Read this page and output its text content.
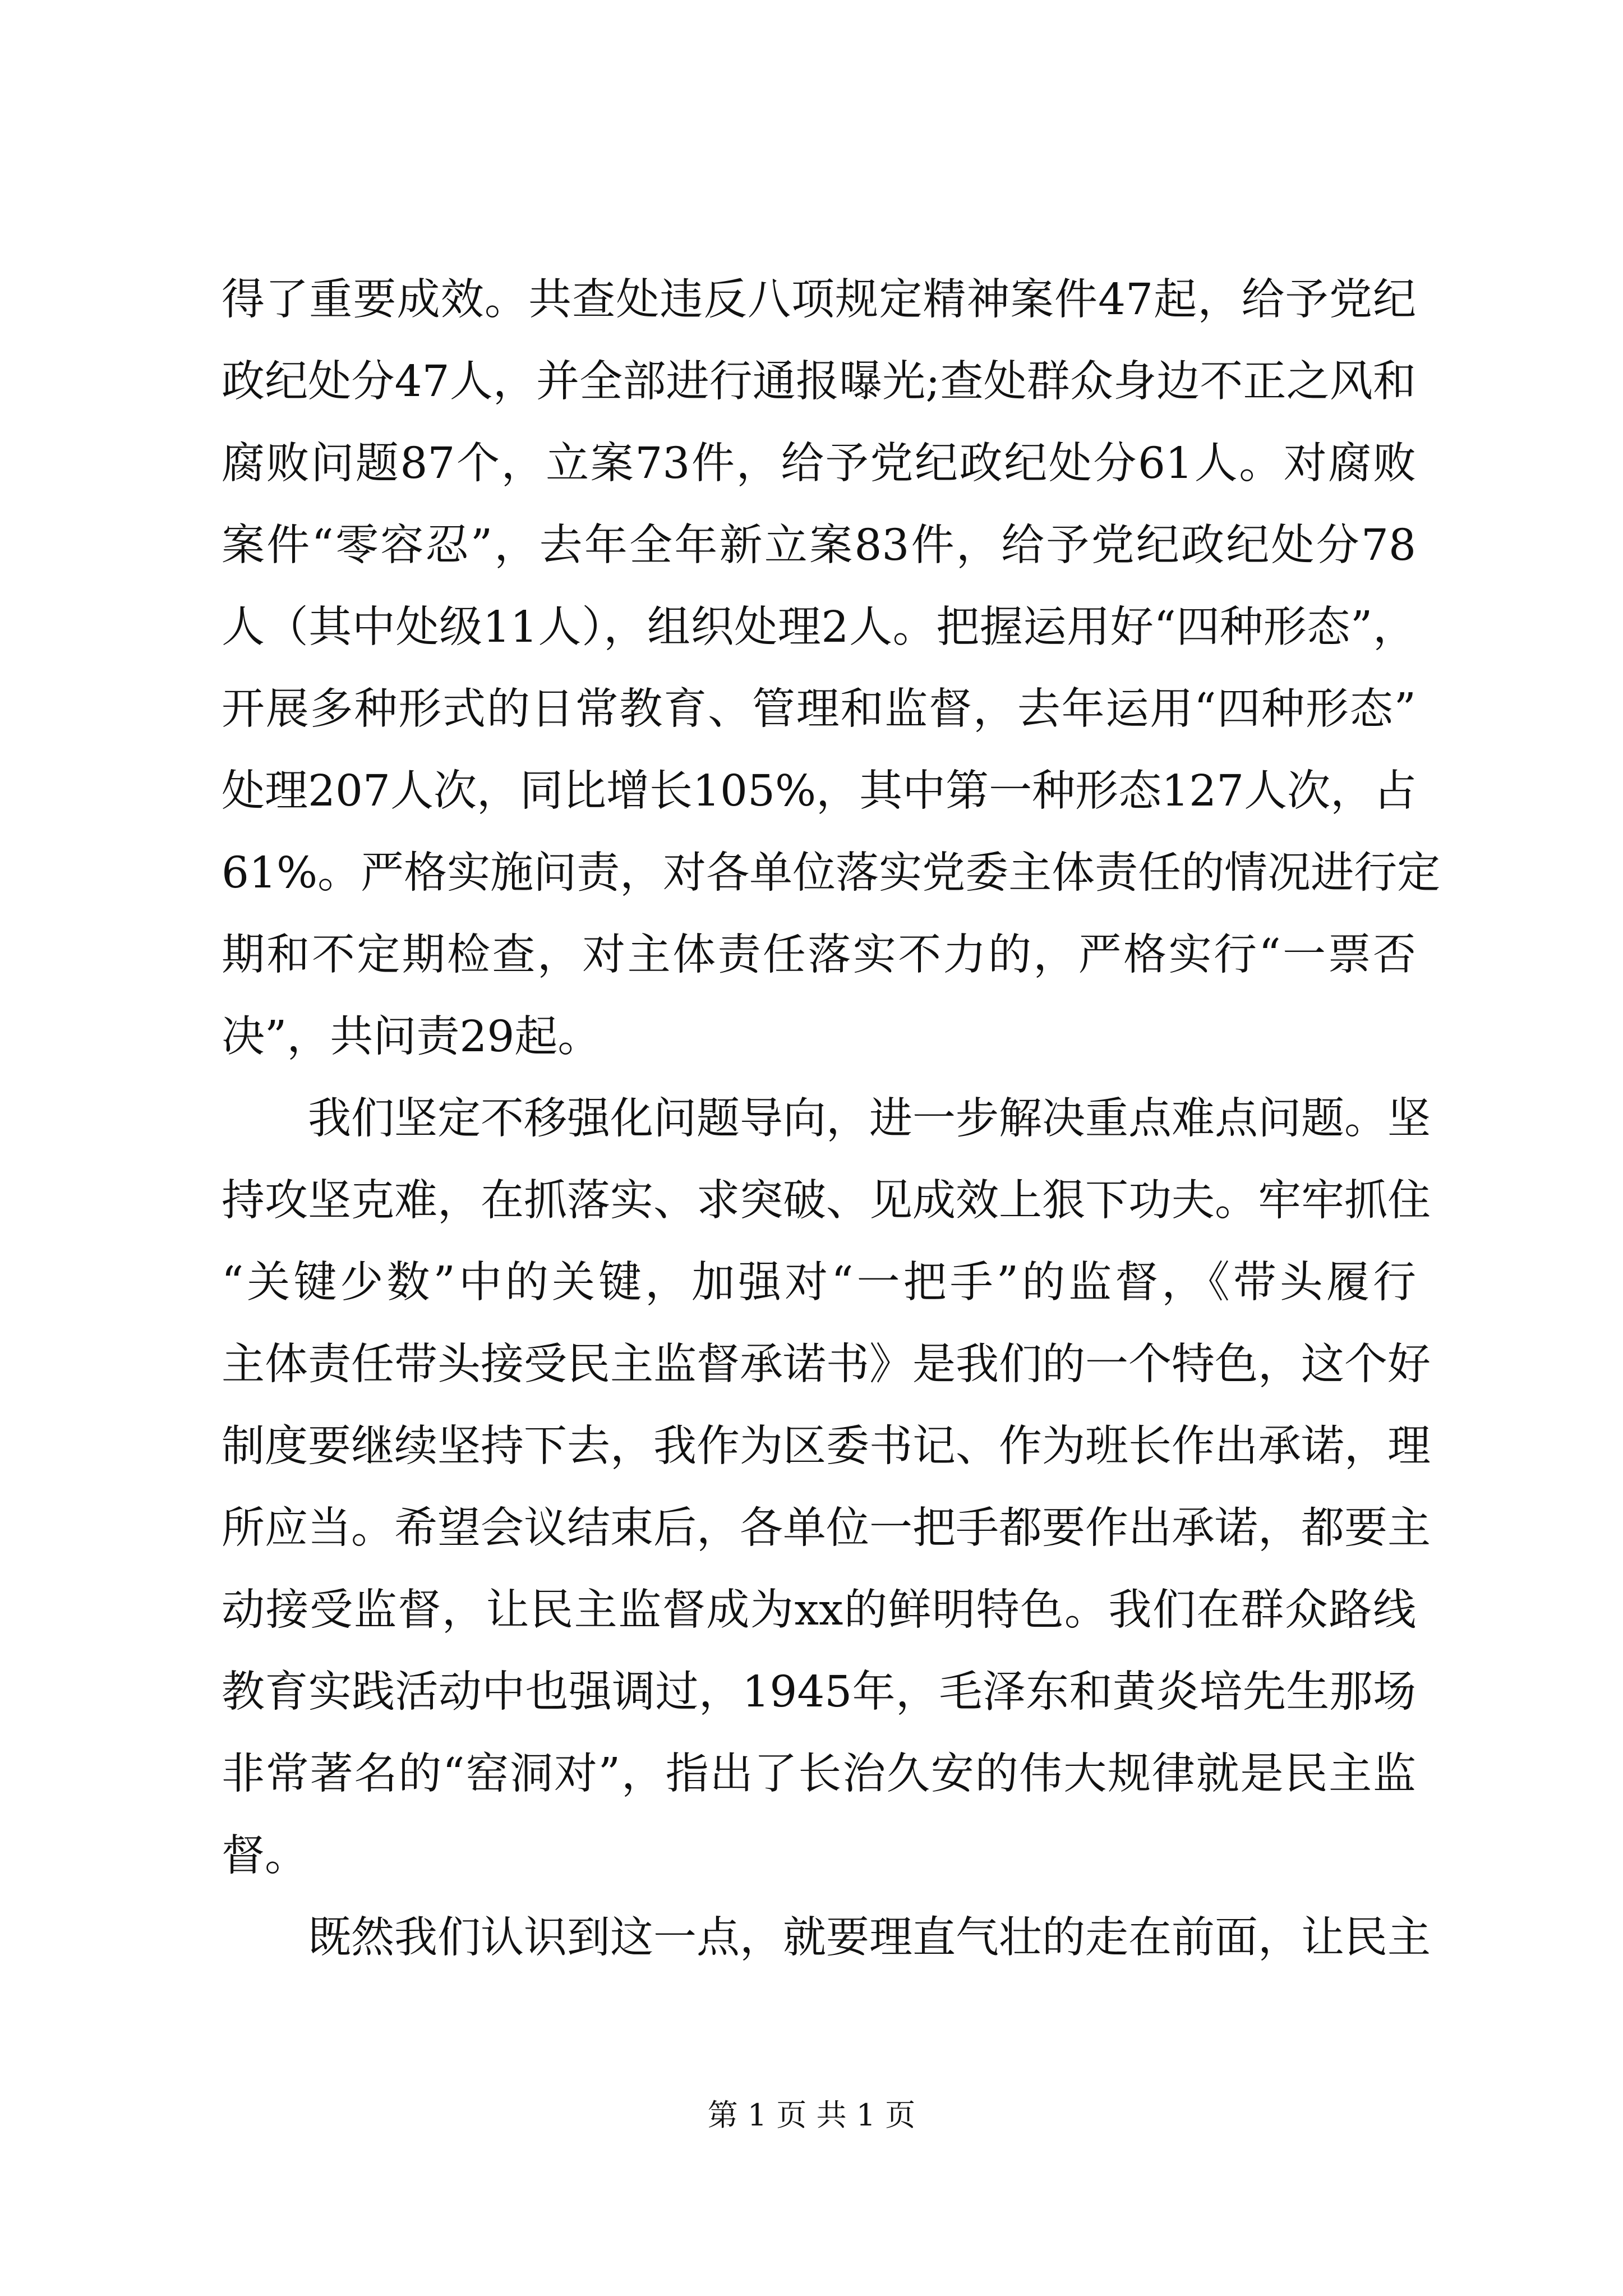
得了重要成效。共查处违反八项规定精神案件47起，给予党纪
政纪处分47人，并全部进行通报曝光;查处群众身边不正之风和
腐败问题87个，立案73件，给予党纪政纪处分61人。对腐败
案件“零容忍”，去年全年新立案83件，给予党纪政纪处分78
人（其中处级11人），组织处理2人。把握运用好“四种形态”，
开展多种形式的日常教育、管理和监督，去年运用“四种形态”
处理207人次，同比增长105%，其中第一种形态127人次，占
61%。严格实施问责，对各单位落实党委主体责任的情况进行定
期和不定期检查，对主体责任落实不力的，严格实行“一票否
决”，共问责29起。
我们坚定不移强化问题导向，进一步解决重点难点问题。坚
持攻坚克难，在抓落实、求突破、见成效上狠下功夫。牢牢抓住
“关键少数”中的关键，加强对“一把手”的监督，《带头履行
主体责任带头接受民主监督承诺书》是我们的一个特色，这个好
制度要继续坚持下去，我作为区委书记、作为班长作出承诺，理
所应当。希望会议结束后，各单位一把手都要作出承诺，都要主
动接受监督，让民主监督成为xx的鲜明特色。我们在群众路线
教育实践活动中也强调过，1945年，毛泽东和黄炎培先生那场
非常著名的“窑洞对”，指出了长治久安的伟大规律就是民主监
督。
既然我们认识到这一点，就要理直气壮的走在前面，让民主
第 1 页 共 1 页
